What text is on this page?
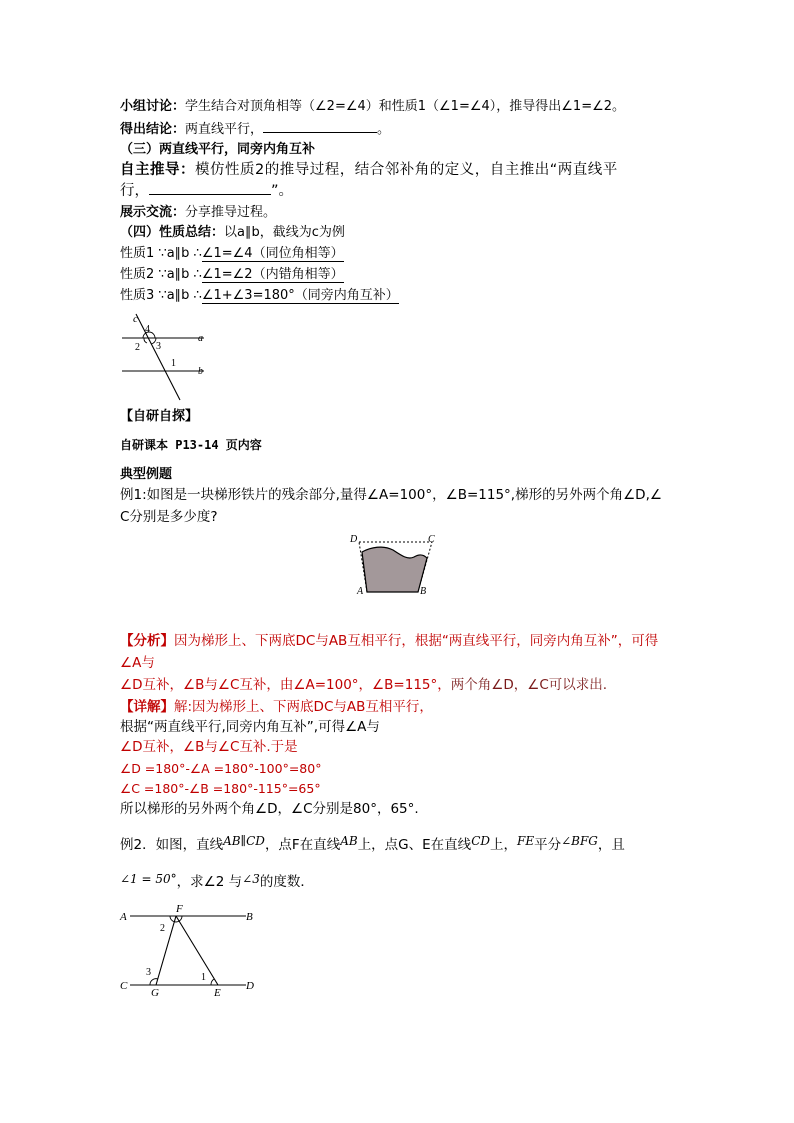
小组讨论：学生结合对顶角相等（∠2=∠4）和性质1（∠1=∠4），推导得出∠1=∠2。
得出结论：两直线平行，	。
（三）两直线平行，同旁内角互补
自主推导：模仿性质2的推导过程，结合邻补角的定义，自主推出“两直线平
行，	”。
展示交流：分享推导过程。
（四）性质总结：以a∥b，截线为c为例
性质1 ∵a∥b ∴∠1=∠4（同位角相等）
性质2 ∵a∥b ∴∠1=∠2（内错角相等）
性质3 ∵a∥b ∴∠1+∠3=180°（同旁内角互补）
c
4
2 3
1
a
b
【自研自探】
自研课本 P13-14 页内容
典型例题
例1:如图是一块梯形铁片的残余部分,量得∠A=100°，∠B=115°,梯形的另外两个角∠D,∠
C分别是多少度?
D	C
A	B
【分析】因为梯形上、下两底DC与AB互相平行，根据“两直线平行，同旁内角互补”，可得
∠A与
∠D互补，∠B与∠C互补，由∠A=100°，∠B=115°，两个角∠D，∠C可以求出.
【详解】解:因为梯形上、下两底DC与AB互相平行，
根据“两直线平行,同旁内角互补”,可得∠A与
∠D互补，∠B与∠C互补.于是
∠D =180°-∠A =180°-100°=80°
∠C =180°-∠B =180°-115°=65°
所以梯形的另外两个角∠D，∠C分别是80°，65°.
例2．如图，直线AB∥CD，点F在直线AB上，点G、E在直线CD上，FE平分∠BFG，且
∠1 = 50°，求∠2 与∠3的度数．
A
F
B
2
3	1
C
G	E
D
